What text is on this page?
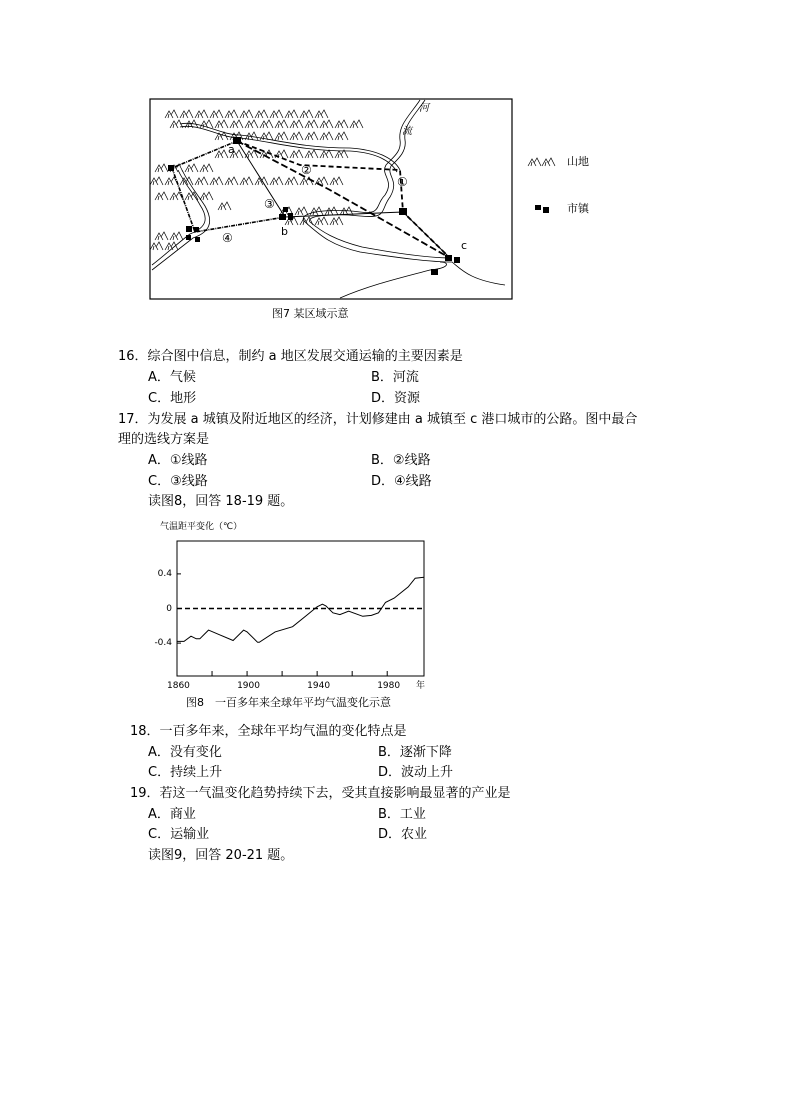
河
流
a
b
c
①
②
③
④
山地
市镇
图7 某区域示意
16．综合图中信息，制约 a 地区发展交通运输的主要因素是
A．气候	B．河流
C．地形	D．资源
17．为发展 a 城镇及附近地区的经济，计划修建由 a 城镇至 c 港口城市的公路。图中最合
理的选线方案是
A．①线路	B．②线路
C．③线路	D．④线路
读图8，回答 18-19 题。
气温距平变化（℃）
年
图8　一百多年来全球年平均气温变化示意
18．一百多年来，全球年平均气温的变化特点是
A．没有变化	B．逐渐下降
C．持续上升	D．波动上升
19．若这一气温变化趋势持续下去，受其直接影响最显著的产业是
A．商业	B．工业
C．运输业	D．农业
读图9，回答 20-21 题。
0.4
0
-0.4
1860	1900	1940	1980
